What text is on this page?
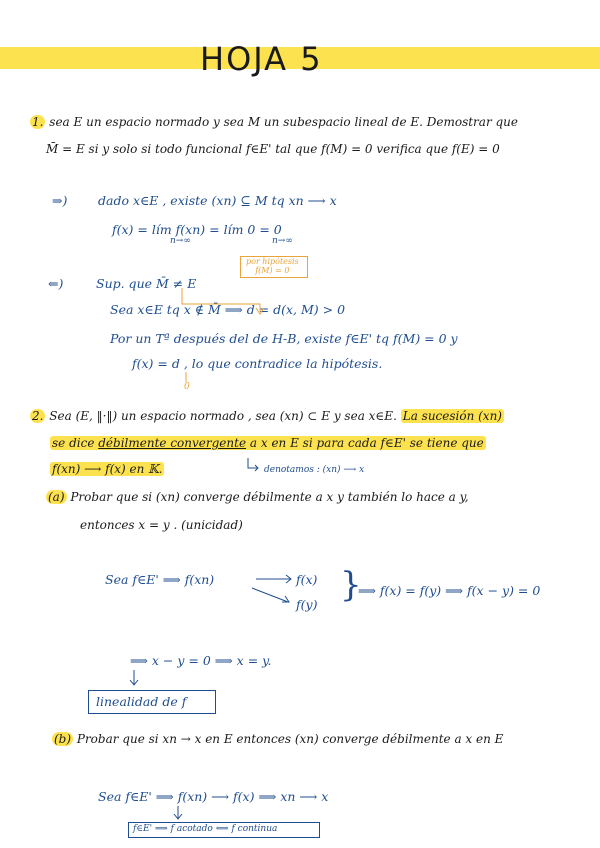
HOJA 5
1. sea E un espacio normado y sea M un subespacio lineal de E. Demostrar que
M̄ = E si y solo si todo funcional f∈E' tal que f(M) = 0 verifica que f(E) = 0
⇒) dado x∈E , existe (xn) ⊆ M tq xn ⟶ x
f(x) = lím f(xn) = lím 0 = 0
n→∞	n→∞
por hipótesis
f(M) = 0
⇐)	Sup. que M̄ ≠ E
Sea x∈E tq x ∉ M̄ ⟹ d = d(x, M) > 0
Por un Tª después del de H-B, existe f∈E' tq f(M) = 0 y
f(x) = d , lo que contradice la hipótesis.
0
2. Sea (E, ‖·‖) un espacio normado , sea (xn) ⊂ E y sea x∈E. La sucesión (xn)
se dice débilmente convergente a x en E si para cada f∈E' se tiene que
f(xn) ⟶ f(x) en 𝕂.	denotamos : (xn) ⟶ x
(a) Probar que si (xn) converge débilmente a x y también lo hace a y,
entonces x = y . (unicidad)
Sea f∈E' ⟹ f(xn)	f(x)
f(y) }
⟹ f(x) = f(y) ⟹ f(x − y) = 0
⟹ x − y = 0 ⟹ x = y.
linealidad de f
(b) Probar que si xn → x en E entonces (xn) converge débilmente a x en E
Sea f∈E' ⟹ f(xn) ⟶ f(x) ⟹ xn ⟶ x
f∈E' ⟹ f acotado ⟺ f continua
